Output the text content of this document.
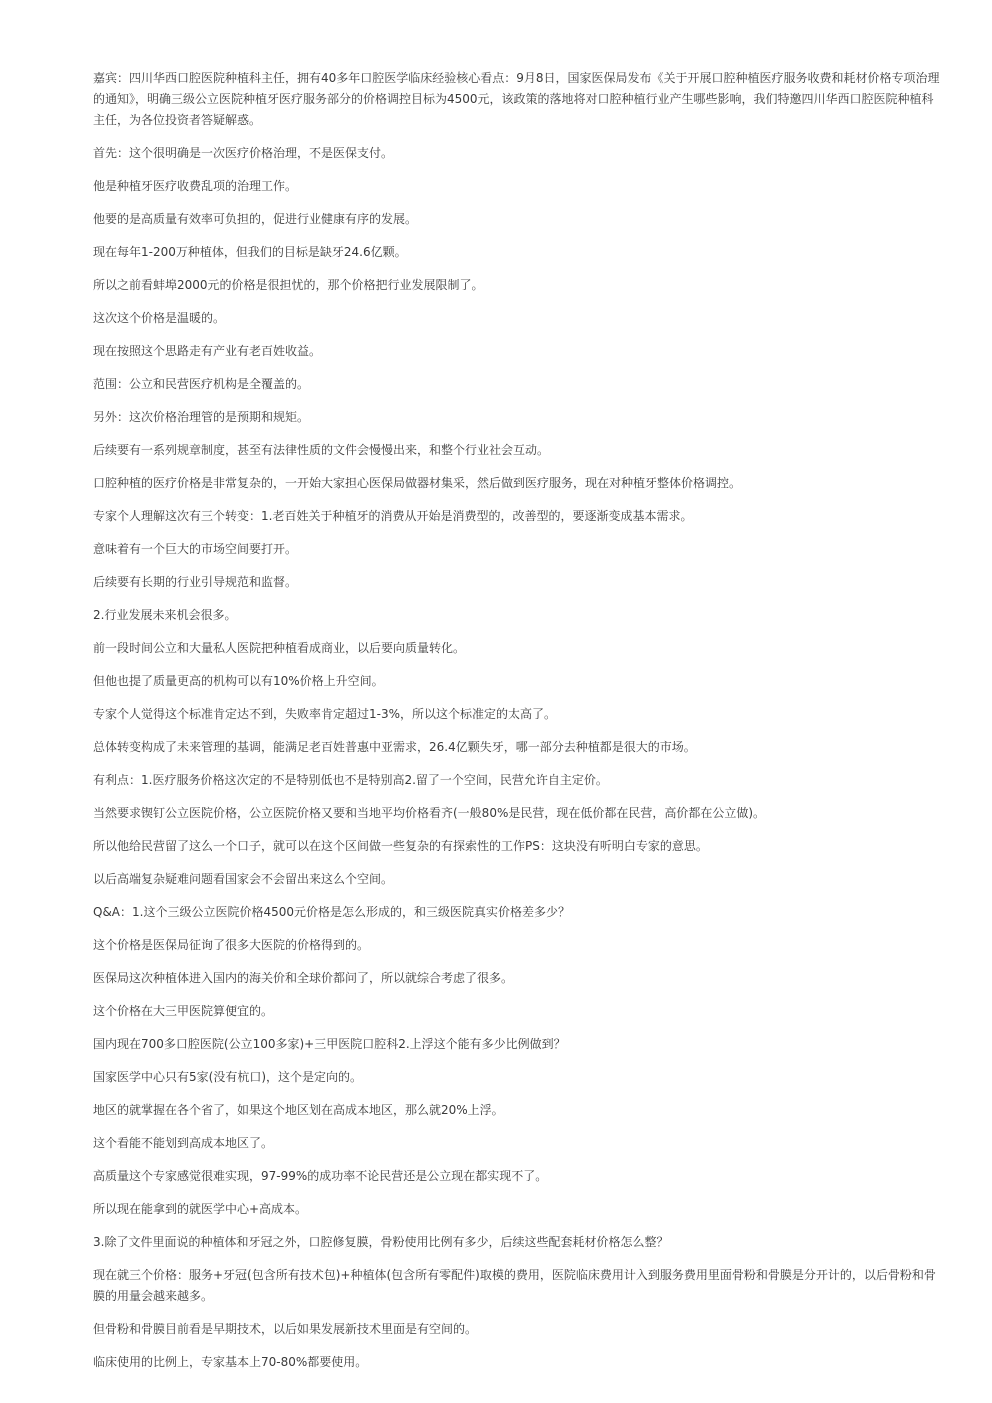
嘉宾：四川华西口腔医院种植科主任，拥有40多年口腔医学临床经验核心看点：9月8日，国家医保局发布《关于开展口腔种植医疗服务收费和耗材价格专项治理的通知》，明确三级公立医院种植牙医疗服务部分的价格调控目标为4500元，该政策的落地将对口腔种植行业产生哪些影响，我们特邀四川华西口腔医院种植科主任，为各位投资者答疑解惑。

首先：这个很明确是一次医疗价格治理，不是医保支付。

他是种植牙医疗收费乱项的治理工作。

他要的是高质量有效率可负担的，促进行业健康有序的发展。

现在每年1-200万种植体，但我们的目标是缺牙24.6亿颗。

所以之前看蚌埠2000元的价格是很担忧的，那个价格把行业发展限制了。

这次这个价格是温暖的。

现在按照这个思路走有产业有老百姓收益。

范围：公立和民营医疗机构是全覆盖的。

另外：这次价格治理管的是预期和规矩。

后续要有一系列规章制度，甚至有法律性质的文件会慢慢出来，和整个行业社会互动。

口腔种植的医疗价格是非常复杂的，一开始大家担心医保局做器材集采，然后做到医疗服务，现在对种植牙整体价格调控。

专家个人理解这次有三个转变：1.老百姓关于种植牙的消费从开始是消费型的，改善型的，要逐渐变成基本需求。

意味着有一个巨大的市场空间要打开。

后续要有长期的行业引导规范和监督。

2.行业发展未来机会很多。

前一段时间公立和大量私人医院把种植看成商业，以后要向质量转化。

但他也提了质量更高的机构可以有10%价格上升空间。

专家个人觉得这个标准肯定达不到，失败率肯定超过1-3%，所以这个标准定的太高了。

总体转变构成了未来管理的基调，能满足老百姓普惠中亚需求，26.4亿颗失牙，哪一部分去种植都是很大的市场。

有利点：1.医疗服务价格这次定的不是特别低也不是特别高2.留了一个空间，民营允许自主定价。

当然要求锲钉公立医院价格，公立医院价格又要和当地平均价格看齐(一般80%是民营，现在低价都在民营，高价都在公立做)。

所以他给民营留了这么一个口子，就可以在这个区间做一些复杂的有探索性的工作PS：这块没有听明白专家的意思。

以后高端复杂疑难问题看国家会不会留出来这么个空间。

Q&A：1.这个三级公立医院价格4500元价格是怎么形成的，和三级医院真实价格差多少？

这个价格是医保局征询了很多大医院的价格得到的。

医保局这次种植体进入国内的海关价和全球价都问了，所以就综合考虑了很多。

这个价格在大三甲医院算便宜的。

国内现在700多口腔医院(公立100多家)+三甲医院口腔科2.上浮这个能有多少比例做到？

国家医学中心只有5家(没有杭口)，这个是定向的。

地区的就掌握在各个省了，如果这个地区划在高成本地区，那么就20%上浮。

这个看能不能划到高成本地区了。

高质量这个专家感觉很难实现，97-99%的成功率不论民营还是公立现在都实现不了。

所以现在能拿到的就医学中心+高成本。

3.除了文件里面说的种植体和牙冠之外，口腔修复膜，骨粉使用比例有多少，后续这些配套耗材价格怎么整？

现在就三个价格：服务+牙冠(包含所有技术包)+种植体(包含所有零配件)取模的费用，医院临床费用计入到服务费用里面骨粉和骨膜是分开计的，以后骨粉和骨膜的用量会越来越多。

但骨粉和骨膜目前看是早期技术，以后如果发展新技术里面是有空间的。

临床使用的比例上，专家基本上70-80%都要使用。
